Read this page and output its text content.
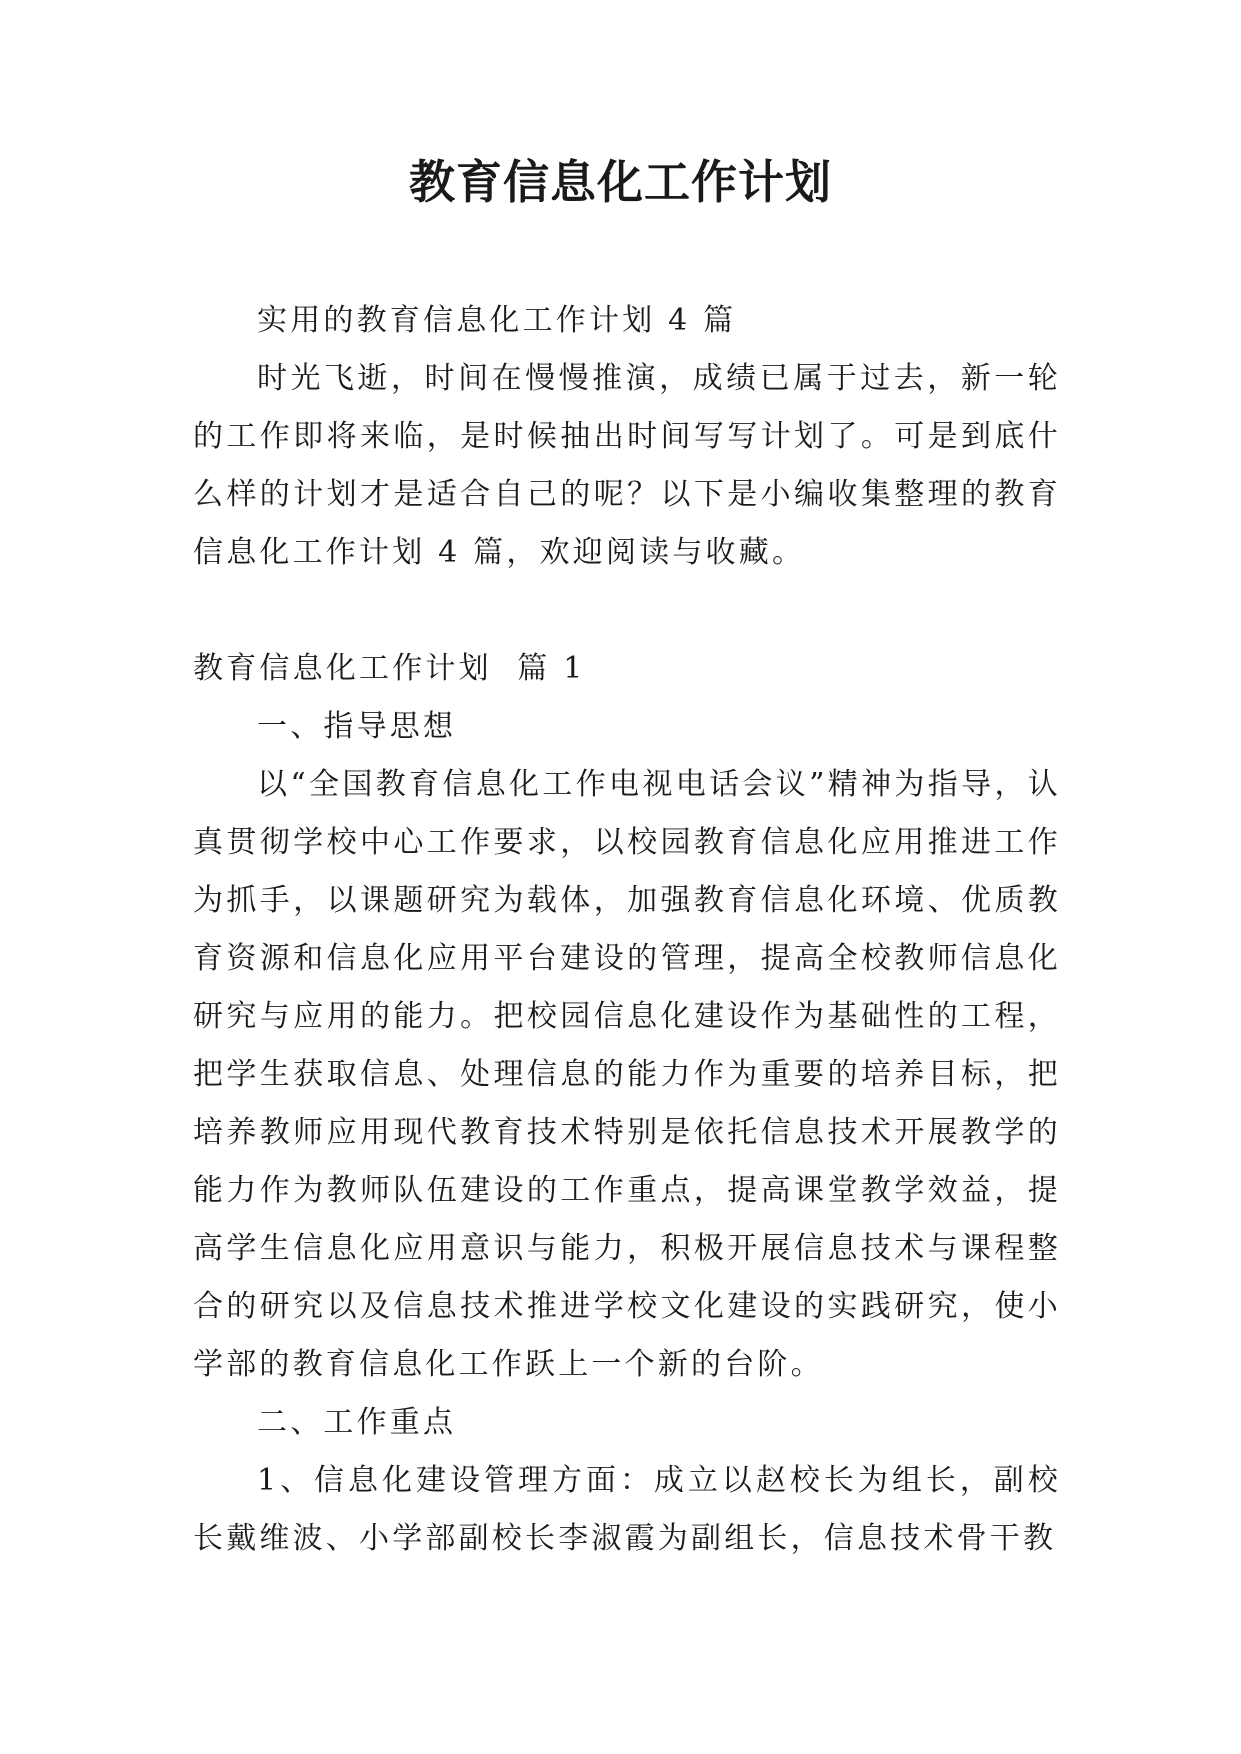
教育信息化工作计划

实用的教育信息化工作计划 4 篇

时光飞逝，时间在慢慢推演，成绩已属于过去，新一轮的工作即将来临，是时候抽出时间写写计划了。可是到底什么样的计划才是适合自己的呢？以下是小编收集整理的教育信息化工作计划 4 篇，欢迎阅读与收藏。

教育信息化工作计划  篇 1

一、指导思想

以“全国教育信息化工作电视电话会议”精神为指导，认真贯彻学校中心工作要求，以校园教育信息化应用推进工作为抓手，以课题研究为载体，加强教育信息化环境、优质教育资源和信息化应用平台建设的管理，提高全校教师信息化研究与应用的能力。把校园信息化建设作为基础性的工程，把学生获取信息、处理信息的能力作为重要的培养目标，把培养教师应用现代教育技术特别是依托信息技术开展教学的能力作为教师队伍建设的工作重点，提高课堂教学效益，提高学生信息化应用意识与能力，积极开展信息技术与课程整合的研究以及信息技术推进学校文化建设的实践研究，使小学部的教育信息化工作跃上一个新的台阶。

二、工作重点

1、信息化建设管理方面：成立以赵校长为组长，副校长戴维波、小学部副校长李淑霞为副组长，信息技术骨干教
